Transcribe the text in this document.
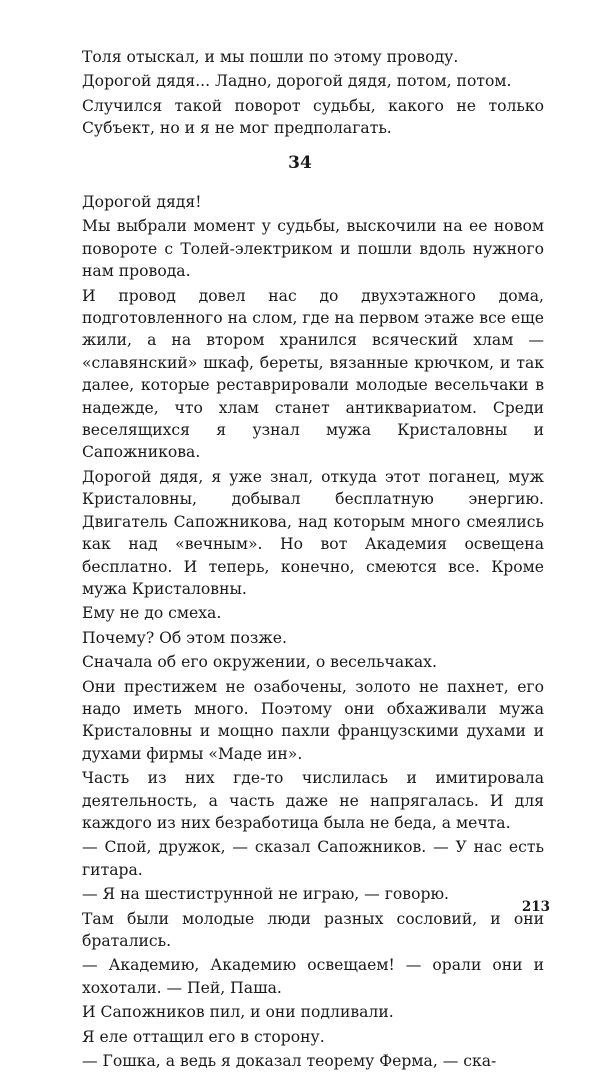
Толя отыскал, и мы пошли по этому проводу.

Дорогой дядя... Ладно, дорогой дядя, потом, потом.

Случился такой поворот судьбы, какого не только Субъект, но и я не мог предполагать.

34

Дорогой дядя!

Мы выбрали момент у судьбы, выскочили на ее новом повороте с Толей-электриком и пошли вдоль нужного нам провода.

И провод довел нас до двухэтажного дома, подготовленного на слом, где на первом этаже все еще жили, а на втором хранился всяческий хлам — «славянский» шкаф, береты, вязанные крючком, и так далее, которые реставрировали молодые весельчаки в надежде, что хлам станет антиквариатом. Среди веселящихся я узнал мужа Кристаловны и Сапожникова.

Дорогой дядя, я уже знал, откуда этот поганец, муж Кристаловны, добывал бесплатную энергию. Двигатель Сапожникова, над которым много смеялись как над «вечным». Но вот Академия освещена бесплатно. И теперь, конечно, смеются все. Кроме мужа Кристаловны.

Ему не до смеха.

Почему? Об этом позже.

Сначала об его окружении, о весельчаках.

Они престижем не озабочены, золото не пахнет, его надо иметь много. Поэтому они обхаживали мужа Кристаловны и мощно пахли французскими духами и духами фирмы «Маде ин».

Часть из них где-то числилась и имитировала деятельность, а часть даже не напрягалась. И для каждого из них безработица была не беда, а мечта.

— Спой, дружок, — сказал Сапожников. — У нас есть гитара.

— Я на шестиструнной не играю, — говорю.

Там были молодые люди разных сословий, и они братались.

— Академию, Академию освещаем! — орали они и хохотали. — Пей, Паша.

И Сапожников пил, и они подливали.

Я еле оттащил его в сторону.

— Гошка, а ведь я доказал теорему Ферма, — ска-

213
